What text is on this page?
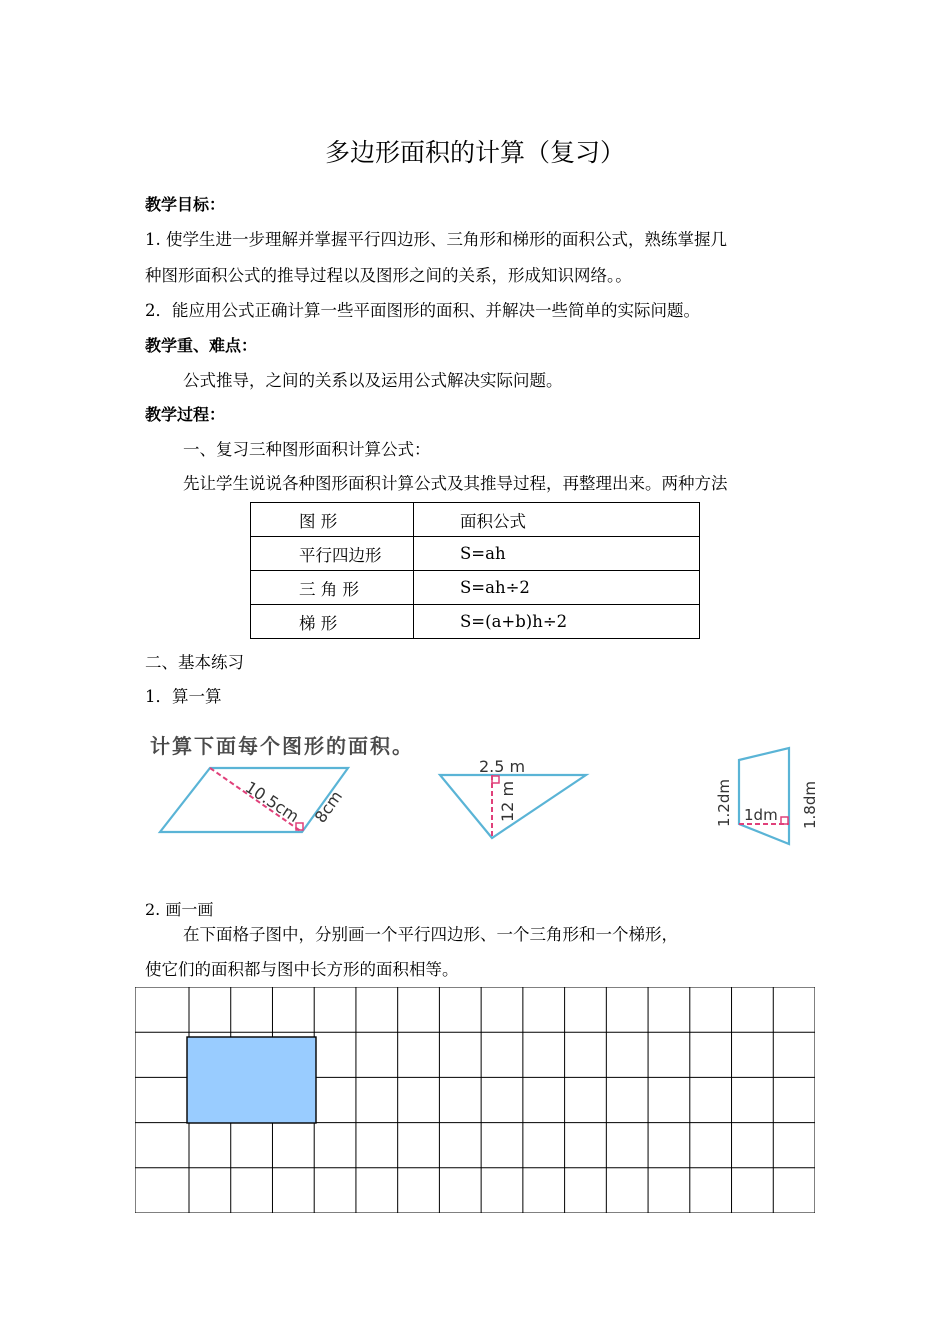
多边形面积的计算（复习）
教学目标：
1. 使学生进一步理解并掌握平行四边形、三角形和梯形的面积公式，熟练掌握几
种图形面积公式的推导过程以及图形之间的关系，形成知识网络。。
2．能应用公式正确计算一些平面图形的面积、并解决一些简单的实际问题。
教学重、难点：
公式推导，之间的关系以及运用公式解决实际问题。
教学过程：
一、复习三种图形面积计算公式：
先让学生说说各种图形面积计算公式及其推导过程，再整理出来。两种方法
图 形	面积公式
平行四边形	S=ah
三 角 形	S=ah÷2
梯 形	S=(a+b)h÷2
二、基本练习
1．算一算
计算下面每个图形的面积。
10.5cm 8cm
2.5 m
12 m	1.2dm 1dm 1.8dm
2. 画一画
在下面格子图中，分别画一个平行四边形、一个三角形和一个梯形，
使它们的面积都与图中长方形的面积相等。
